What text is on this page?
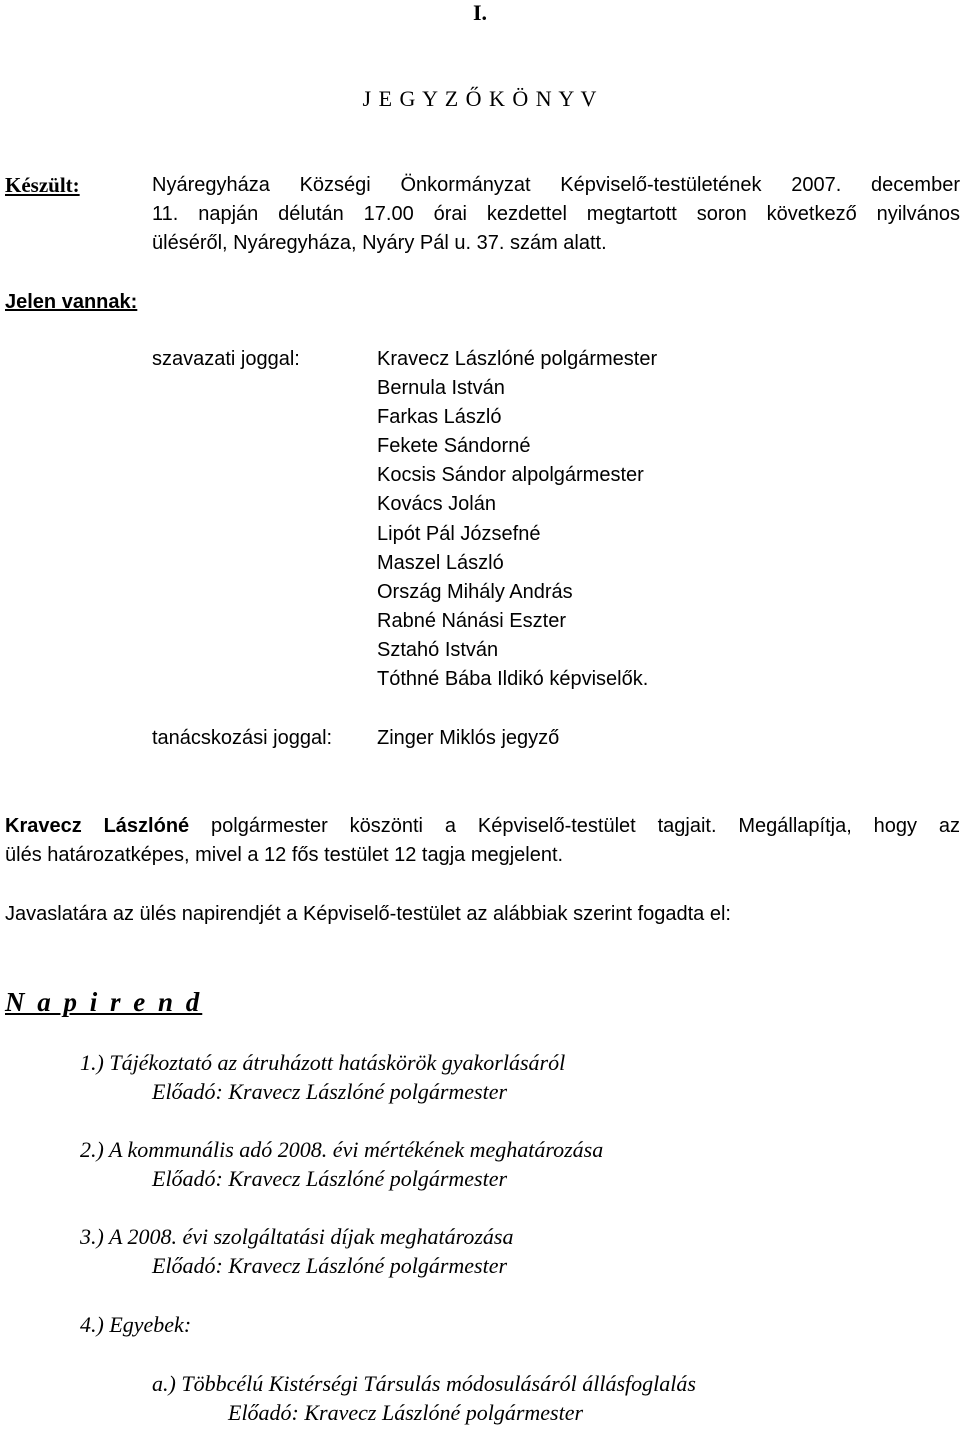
I.
J E G Y Z Ő K Ö N Y V
Készült:	Nyáregyháza Községi Önkormányzat Képviselő-testületének 2007. december
11. napján délután 17.00 órai kezdettel megtartott soron következő nyilvános
üléséről, Nyáregyháza, Nyáry Pál u. 37. szám alatt.
Jelen vannak:
szavazati joggal:	Kravecz Lászlóné polgármester
Bernula István
Farkas László
Fekete Sándorné
Kocsis Sándor alpolgármester
Kovács Jolán
Lipót Pál Józsefné
Maszel László
Ország Mihály András
Rabné Nánási Eszter
Sztahó István
Tóthné Bába Ildikó képviselők.
tanácskozási joggal: Zinger Miklós jegyző
Kravecz Lászlóné polgármester köszönti a Képviselő-testület tagjait. Megállapítja, hogy az
ülés határozatképes, mivel a 12 fős testület 12 tagja megjelent.
Javaslatára az ülés napirendjét a Képviselő-testület az alábbiak szerint fogadta el:
N a p i r e n d
1.) Tájékoztató az átruházott hatáskörök gyakorlásáról
Előadó: Kravecz Lászlóné polgármester
2.) A kommunális adó 2008. évi mértékének meghatározása
Előadó: Kravecz Lászlóné polgármester
3.) A 2008. évi szolgáltatási díjak meghatározása
Előadó: Kravecz Lászlóné polgármester
4.) Egyebek:
a.) Többcélú Kistérségi Társulás módosulásáról állásfoglalás
Előadó: Kravecz Lászlóné polgármester
